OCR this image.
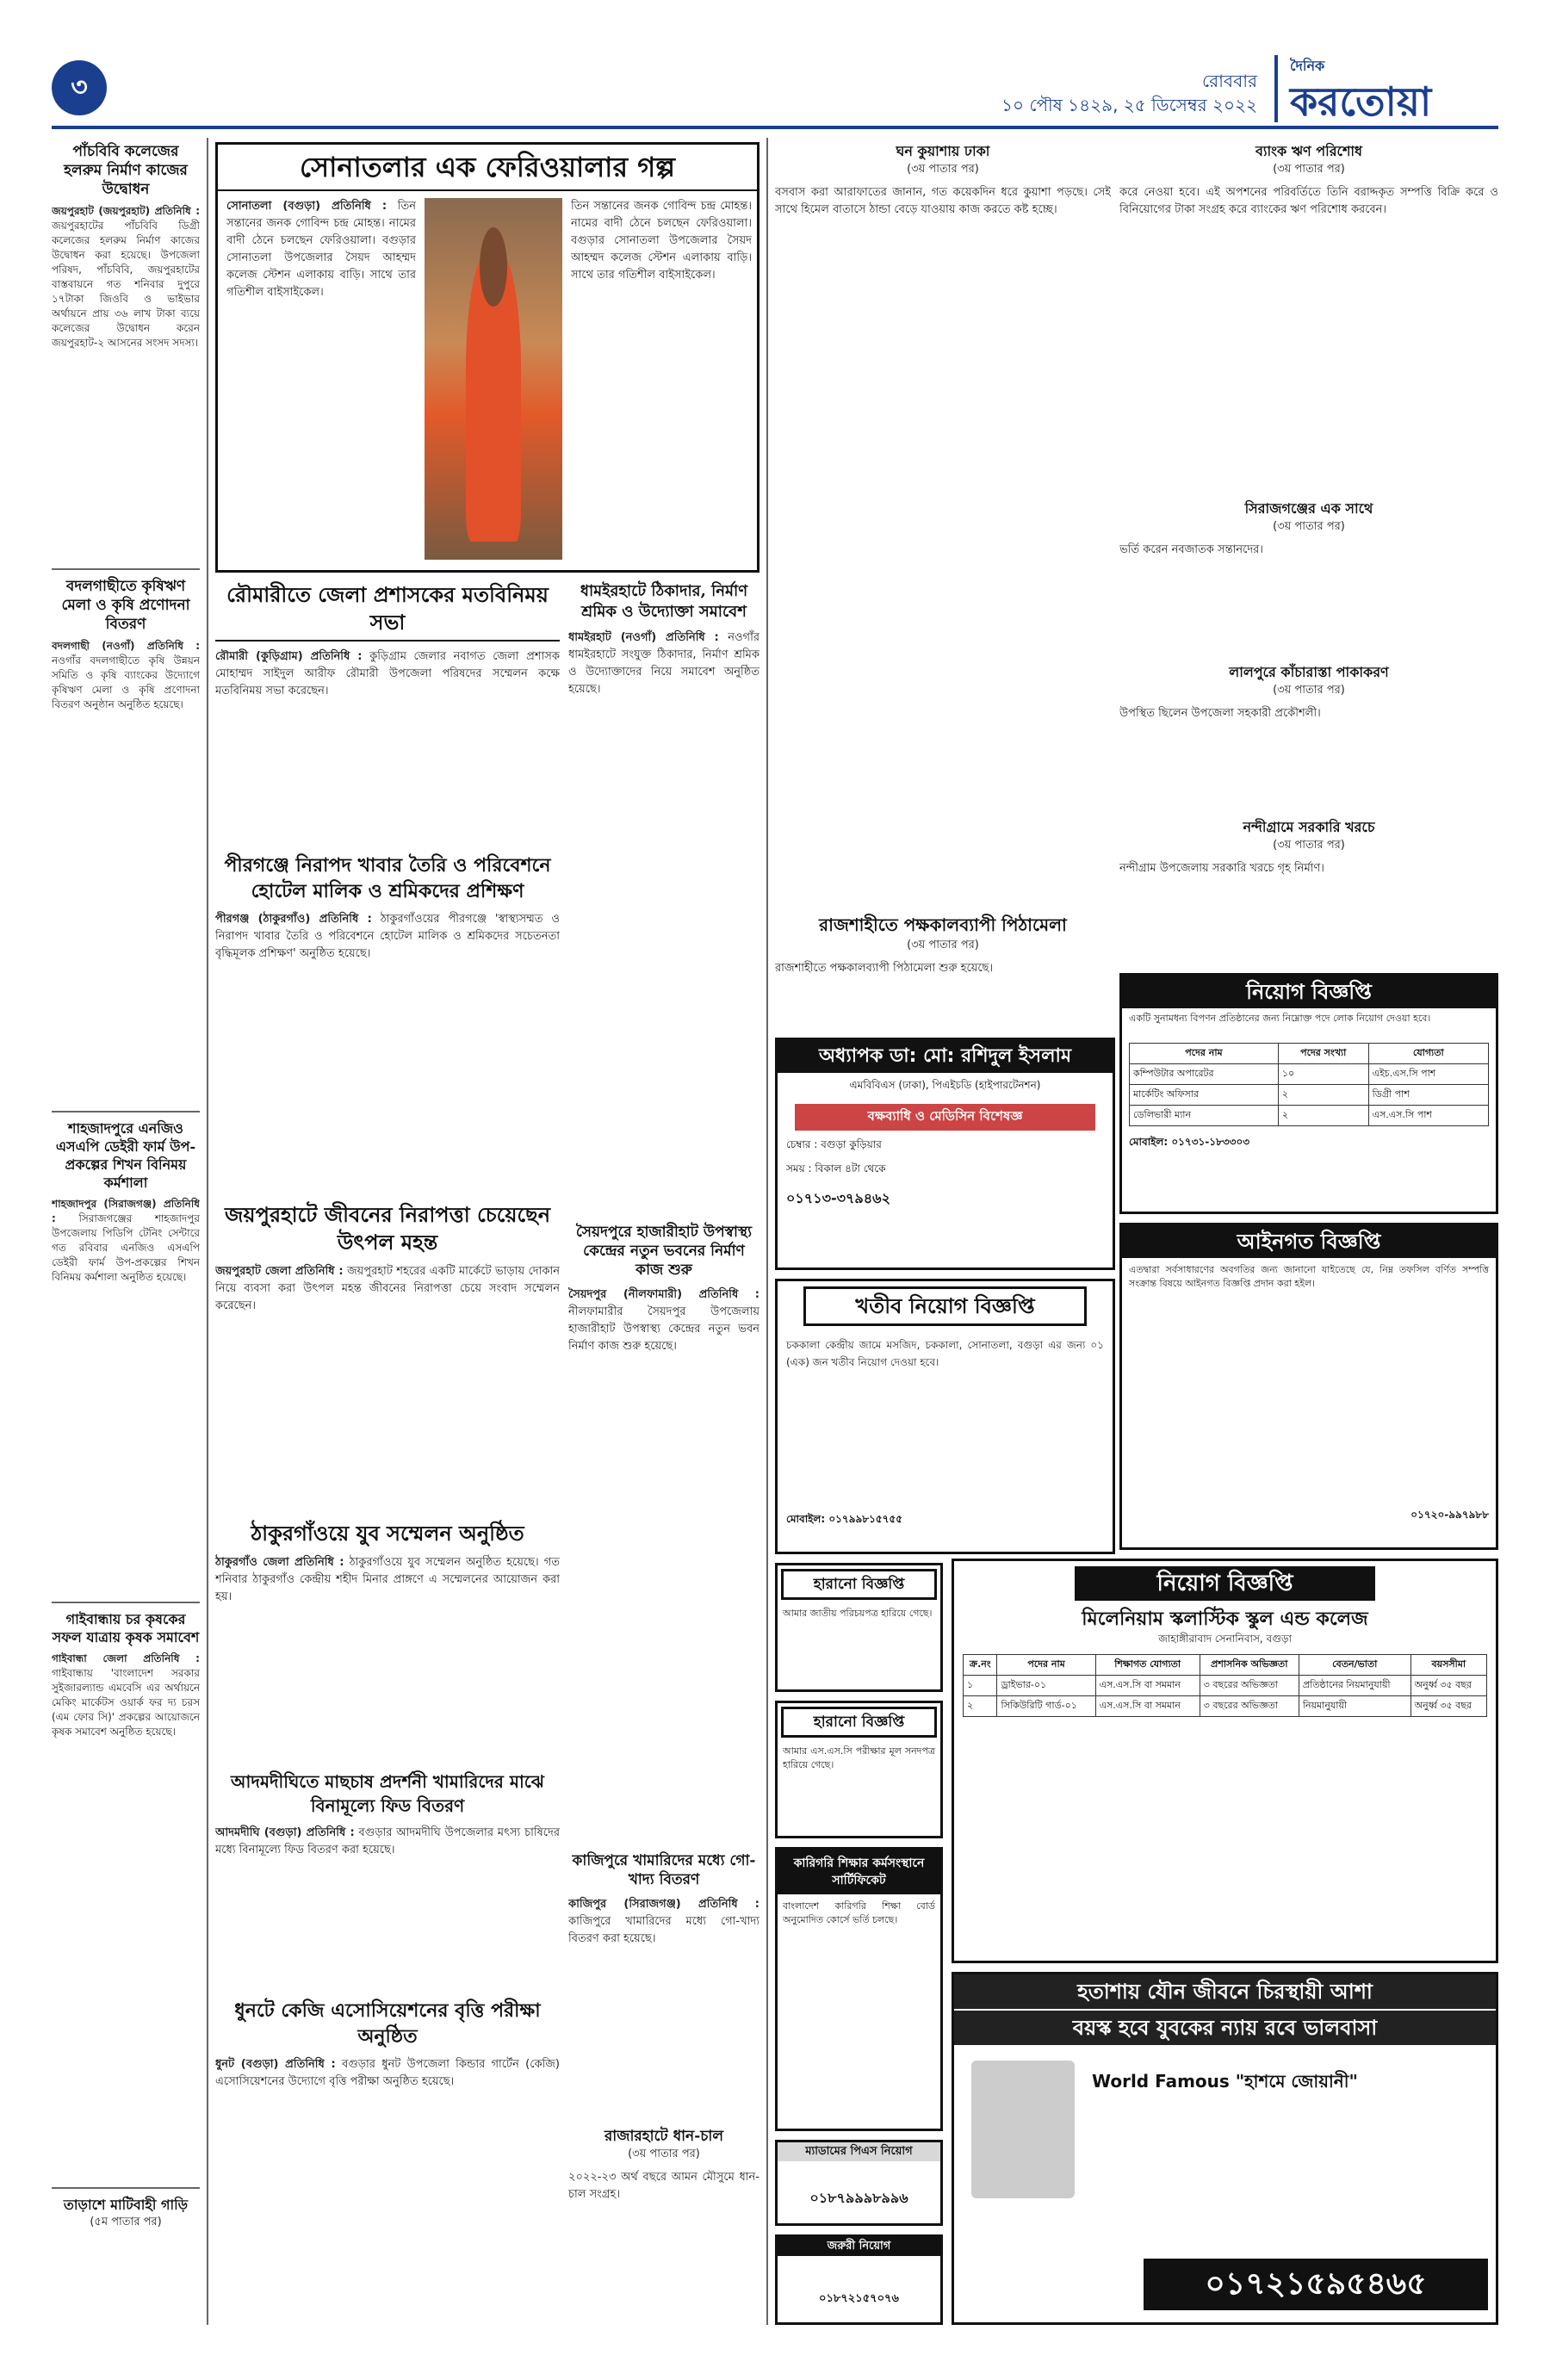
৩	রোববার
১০ পৌষ ১৪২৯, ২৫ ডিসেম্বর ২০২২
দৈনিক
করতোয়া
পাঁচবিবি কলেজের হলরুম নির্মাণ কাজের উদ্বোধন

জয়পুরহাট (জয়পুরহাট) প্রতিনিধি : জয়পুরহাটের পাঁচবিবি ডিগ্রী কলেজের হলরুম নির্মাণ কাজের উদ্বোধন করা হয়েছে। উপজেলা পরিষদ, পাঁচবিবি, জয়পুরহাটের বাস্তবায়নে গত শনিবার দুপুরে ১৭টাকা জিওবি ও ভাইভার অর্থায়নে প্রায় ৩৬ লাখ টাকা ব্যয়ে কলেজের উদ্বোধন করেন জয়পুরহাট-২ আসনের সংসদ সদস্য।

বদলগাছীতে কৃষিঋণ মেলা ও কৃষি প্রণোদনা বিতরণ

বদলগাছী (নওগাঁ) প্রতিনিধি : নওগাঁর বদলগাছীতে কৃষি উন্নয়ন সমিতি ও কৃষি ব্যাংকের উদ্যোগে কৃষিঋণ মেলা ও কৃষি প্রণোদনা বিতরণ অনুষ্ঠান অনুষ্ঠিত হয়েছে।

শাহজাদপুরে এনজিও এসএপি ডেইরী ফার্ম উপ-প্রকল্পের শিখন বিনিময় কর্মশালা

শাহজাদপুর (সিরাজগঞ্জ) প্রতিনিধি : সিরাজগঞ্জের শাহজাদপুর উপজেলায় পিডিপি টেনিং সেন্টারে গত রবিবার এনজিও এসএপি ডেইরী ফার্ম উপ-প্রকল্পের শিখন বিনিময় কর্মশালা অনুষ্ঠিত হয়েছে।

গাইবান্ধায় চর কৃষকের সফল যাত্রায় কৃষক সমাবেশ

গাইবান্ধা জেলা প্রতিনিধি : গাইবান্ধায় 'বাংলাদেশ সরকার সুইজারল্যান্ড এমবেসি এর অর্থায়নে মেকিং মার্কেটস ওয়ার্ক ফর দ্য চরস (এম ফোর সি)' প্রকল্পের আয়োজনে কৃষক সমাবেশ অনুষ্ঠিত হয়েছে।

তাড়াশে মাটিবাহী গাড়ি
(৫ম পাতার পর)
সোনাতলার এক ফেরিওয়ালার গল্প

সোনাতলা (বগুড়া) প্রতিনিধি : তিন সন্তানের জনক গোবিন্দ চন্দ্র মোহন্ত। নামের বাদী ঠেনে চলছেন ফেরিওয়ালা। বগুড়ার সোনাতলা উপজেলার সৈয়দ আহম্মদ কলেজ স্টেশন এলাকায় বাড়ি। সাথে তার গতিশীল বাইসাইকেল।

তিন সন্তানের জনক গোবিন্দ চন্দ্র মোহন্ত। নামের বাদী ঠেনে চলছেন ফেরিওয়ালা। বগুড়ার সোনাতলা উপজেলার সৈয়দ আহম্মদ কলেজ স্টেশন এলাকায় বাড়ি। সাথে তার গতিশীল বাইসাইকেল।

রৌমারীতে জেলা প্রশাসকের মতবিনিময় সভা

রৌমারী (কুড়িগ্রাম) প্রতিনিধি : কুড়িগ্রাম জেলার নবাগত জেলা প্রশাসক মোহাম্মদ সাইদুল আরীফ রৌমারী উপজেলা পরিষদের সম্মেলন কক্ষে মতবিনিময় সভা করেছেন।

ধামইরহাটে ঠিকাদার, নির্মাণ শ্রমিক ও উদ্যোক্তা সমাবেশ

ধামইরহাট (নওগাঁ) প্রতিনিধি : নওগাঁর ধামইরহাটে সংযুক্ত ঠিকাদার, নির্মাণ শ্রমিক ও উদ্যোক্তাদের নিয়ে সমাবেশ অনুষ্ঠিত হয়েছে।

পীরগঞ্জে নিরাপদ খাবার তৈরি ও পরিবেশনে হোটেল মালিক ও শ্রমিকদের প্রশিক্ষণ

পীরগঞ্জ (ঠাকুরগাঁও) প্রতিনিধি : ঠাকুরগাঁওয়ের পীরগঞ্জে 'স্বাস্থ্যসম্মত ও নিরাপদ খাবার তৈরি ও পরিবেশনে হোটেল মালিক ও শ্রমিকদের সচেতনতা বৃদ্ধিমূলক প্রশিক্ষণ' অনুষ্ঠিত হয়েছে।

সৈয়দপুরে হাজারীহাট উপস্বাস্থ্য কেন্দ্রের নতুন ভবনের নির্মাণ কাজ শুরু

সৈয়দপুর (নীলফামারী) প্রতিনিধি : নীলফামারীর সৈয়দপুর উপজেলায় হাজারীহাট উপস্বাস্থ্য কেন্দ্রের নতুন ভবন নির্মাণ কাজ শুরু হয়েছে।

জয়পুরহাটে জীবনের নিরাপত্তা চেয়েছেন উৎপল মহন্ত

জয়পুরহাট জেলা প্রতিনিধি : জয়পুরহাট শহরের একটি মার্কেটে ভাড়ায় দোকান নিয়ে ব্যবসা করা উৎপল মহন্ত জীবনের নিরাপত্তা চেয়ে সংবাদ সম্মেলন করেছেন।

ঠাকুরগাঁওয়ে যুব সম্মেলন অনুষ্ঠিত

ঠাকুরগাঁও জেলা প্রতিনিধি : ঠাকুরগাঁওয়ে যুব সম্মেলন অনুষ্ঠিত হয়েছে। গত শনিবার ঠাকুরগাঁও কেন্দ্রীয় শহীদ মিনার প্রাঙ্গণে এ সম্মেলনের আয়োজন করা হয়।

কাজিপুরে খামারিদের মধ্যে গো-খাদ্য বিতরণ

কাজিপুর (সিরাজগঞ্জ) প্রতিনিধি : কাজিপুরে খামারিদের মধ্যে গো-খাদ্য বিতরণ করা হয়েছে।

আদমদীঘিতে মাছচাষ প্রদর্শনী খামারিদের মাঝে বিনামূল্যে ফিড বিতরণ

আদমদীঘি (বগুড়া) প্রতিনিধি : বগুড়ার আদমদীঘি উপজেলার মৎস্য চাষিদের মধ্যে বিনামূল্যে ফিড বিতরণ করা হয়েছে।

ধুনটে কেজি এসোসিয়েশনের বৃত্তি পরীক্ষা অনুষ্ঠিত

ধুনট (বগুড়া) প্রতিনিধি : বগুড়ার ধুনট উপজেলা কিন্ডার গার্টেন (কেজি) এসোসিয়েশনের উদ্যোগে বৃত্তি পরীক্ষা অনুষ্ঠিত হয়েছে।

রাজারহাটে ধান-চাল
(৩য় পাতার পর)
২০২২-২৩ অর্থ বছরে আমন মৌসুমে ধান-চাল সংগ্রহ।
ঘন কুয়াশায় ঢাকা
(৩য় পাতার পর)
বসবাস করা আরাফাতের জানান, গত কয়েকদিন ধরে কুয়াশা পড়ছে। সেই সাথে হিমেল বাতাসে ঠান্ডা বেড়ে যাওয়ায় কাজ করতে কষ্ট হচ্ছে।
রাজশাহীতে পক্ষকালব্যাপী পিঠামেলা
(৩য় পাতার পর)
রাজশাহীতে পক্ষকালব্যাপী পিঠামেলা শুরু হয়েছে।
ব্যাংক ঋণ পরিশোধ
(৩য় পাতার পর)
করে নেওয়া হবে। এই অপশনের পরিবর্তিতে তিনি বরাদ্দকৃত সম্পত্তি বিক্রি করে ও বিনিয়োগের টাকা সংগ্রহ করে ব্যাংকের ঋণ পরিশোধ করবেন।
সিরাজগঞ্জের এক সাথে
(৩য় পাতার পর)
ভর্তি করেন নবজাতক সন্তানদের।
লালপুরে কাঁচারাস্তা পাকাকরণ
(৩য় পাতার পর)
উপস্থিত ছিলেন উপজেলা সহকারী প্রকৌশলী।
নন্দীগ্রামে সরকারি খরচে
(৩য় পাতার পর)
নন্দীগ্রাম উপজেলায় সরকারি খরচে গৃহ নির্মাণ।
অধ্যাপক ডা: মো: রশিদুল ইসলাম
এমবিবিএস (ঢাকা), পিএইচডি (হাইপারটেনশন)
বক্ষব্যাধি ও মেডিসিন বিশেষজ্ঞ
চেম্বার : বগুড়া কুড়িয়ার
সময় : বিকাল ৪টা থেকে
০১৭১৩-৩৭৯৪৬২
খতীব নিয়োগ বিজ্ঞপ্তি
চককালা কেন্দ্রীয় জামে মসজিদ, চককালা, সোনাতলা, বগুড়া এর জন্য ০১ (এক) জন খতীব নিয়োগ দেওয়া হবে।
মোবাইল: ০১৭৯৯৮১৫৭৫৫
হারানো বিজ্ঞপ্তি
আমার জাতীয় পরিচয়পত্র হারিয়ে গেছে।
হারানো বিজ্ঞপ্তি
আমার এস.এস.সি পরীক্ষার মূল সনদপত্র হারিয়ে গেছে।
কারিগরি শিক্ষার কর্মসংস্থানে সার্টিফিকেট
বাংলাদেশ কারিগরি শিক্ষা বোর্ড অনুমোদিত কোর্সে ভর্তি চলছে।
ম্যাডামের পিএস নিয়োগ
০১৮৭৯৯৯৮৯৯৬
জরুরী নিয়োগ
০১৮৭২১৫৭০৭৬
নিয়োগ বিজ্ঞপ্তি
একটি সুনামধন্য বিপণন প্রতিষ্ঠানের জন্য নিম্নোক্ত পদে লোক নিয়োগ দেওয়া হবে।
পদের নাম	পদের সংখ্যা	যোগ্যতা
কম্পিউটার অপারেটর	১০	এইচ.এস.সি পাশ
মার্কেটিং অফিসার	২	ডিগ্রী পাশ
ডেলিভারী ম্যান	২	এস.এস.সি পাশ
মোবাইল: ০১৭৩১-১৮৩৩০৩
আইনগত বিজ্ঞপ্তি
এতদ্বারা সর্বসাধারণের অবগতির জন্য জানানো যাইতেছে যে, নিম্ন তফসিল বর্ণিত সম্পত্তি সংক্রান্ত বিষয়ে আইনগত বিজ্ঞপ্তি প্রদান করা হইল।
০১৭২০-৯৯৭৯৮৮
নিয়োগ বিজ্ঞপ্তি
মিলেনিয়াম স্কলাস্টিক স্কুল এন্ড কলেজ
জাহাঙ্গীরাবাদ সেনানিবাস, বগুড়া
ক্র.নং	পদের নাম	শিক্ষাগত যোগ্যতা	প্রশাসনিক অভিজ্ঞতা	বেতন/ভাতা	বয়সসীমা
১	ড্রাইভার-০১	এস.এস.সি বা সমমান	৩ বছরের অভিজ্ঞতা	প্রতিষ্ঠানের নিয়মানুযায়ী	অনুর্ধ্ব ৩৫ বছর
২	সিকিউরিটি গার্ড-০১	এস.এস.সি বা সমমান	৩ বছরের অভিজ্ঞতা	নিয়মানুযায়ী	অনুর্ধ্ব ৩৫ বছর
হতাশায় যৌন জীবনে চিরস্থায়ী আশা
বয়স্ক হবে যুবকের ন্যায় রবে ভালবাসা
World Famous "হাশমে জোয়ানী"
০১৭২১৫৯৫৪৬৫
